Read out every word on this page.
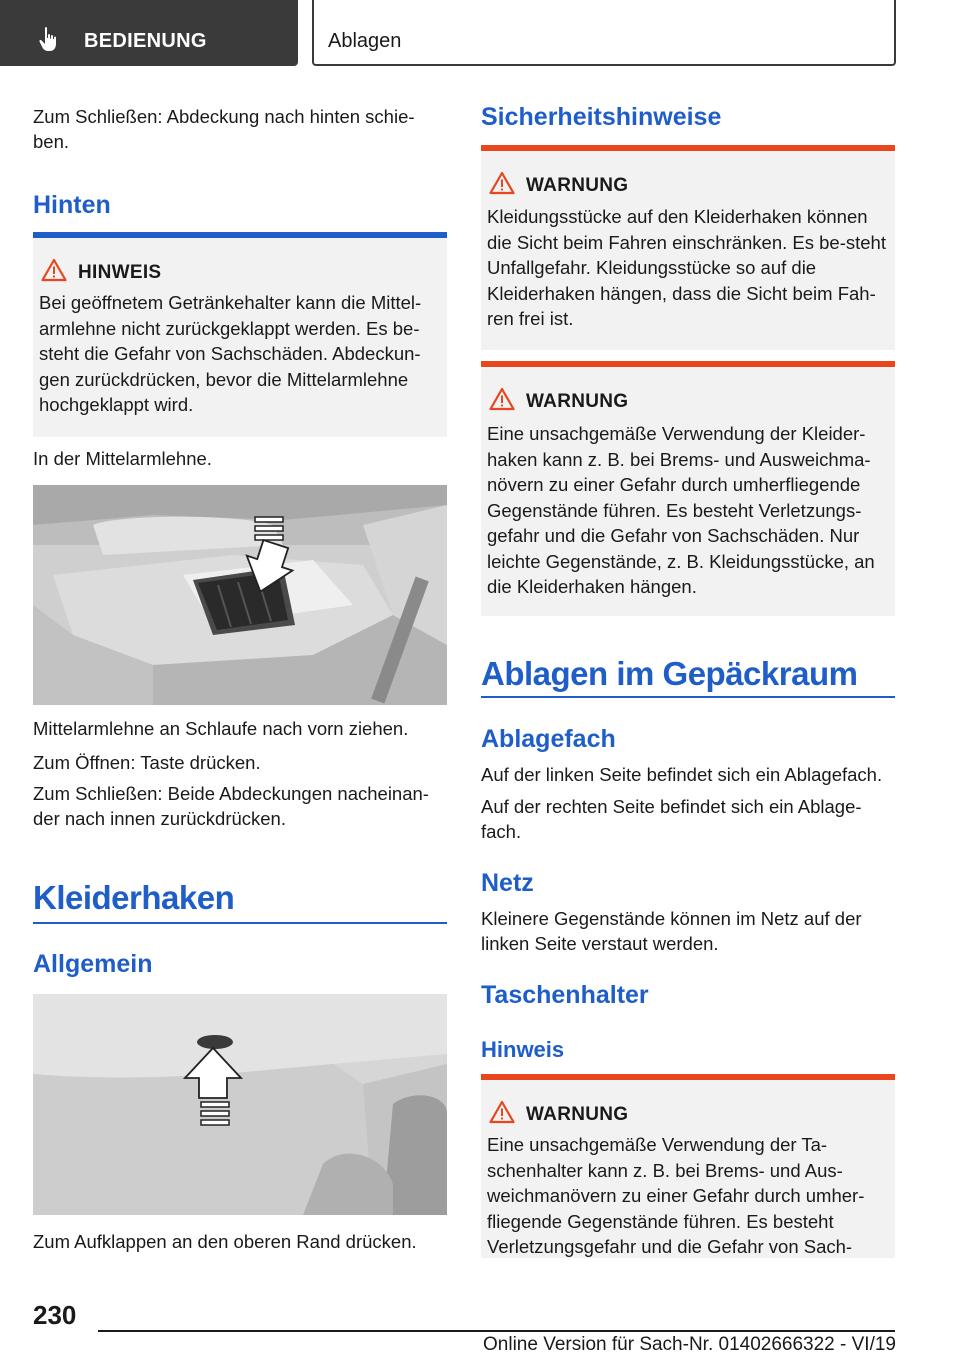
BEDIENUNG	Ablagen

Zum Schließen: Abdeckung nach hinten schie-ben.

Hinten
HINWEIS
Bei geöffnetem Getränkehalter kann die Mittel-armlehne nicht zurückgeklappt werden. Es be-steht die Gefahr von Sachschäden. Abdeckun-gen zurückdrücken, bevor die Mittelarmlehne hochgeklappt wird.

In der Mittelarmlehne.

Mittelarmlehne an Schlaufe nach vorn ziehen.

Zum Öffnen: Taste drücken.

Zum Schließen: Beide Abdeckungen nacheinan-der nach innen zurückdrücken.

Kleiderhaken
Allgemein

Zum Aufklappen an den oberen Rand drücken.

Sicherheitshinweise
WARNUNG
Kleidungsstücke auf den Kleiderhaken können die Sicht beim Fahren einschränken. Es be-steht Unfallgefahr. Kleidungsstücke so auf die Kleiderhaken hängen, dass die Sicht beim Fah-ren frei ist.
WARNUNG
Eine unsachgemäße Verwendung der Kleider-haken kann z. B. bei Brems- und Ausweichma-növern zu einer Gefahr durch umherfliegende Gegenstände führen. Es besteht Verletzungs-gefahr und die Gefahr von Sachschäden. Nur leichte Gegenstände, z. B. Kleidungsstücke, an die Kleiderhaken hängen.
Ablagen im Gepäckraum
Ablagefach

Auf der linken Seite befindet sich ein Ablagefach.

Auf der rechten Seite befindet sich ein Ablage-fach.

Netz

Kleinere Gegenstände können im Netz auf der linken Seite verstaut werden.

Taschenhalter
Hinweis
WARNUNG
Eine unsachgemäße Verwendung der Ta-schenhalter kann z. B. bei Brems- und Aus-weichmanövern zu einer Gefahr durch umher-fliegende Gegenstände führen. Es besteht Verletzungsgefahr und die Gefahr von Sach-
230
Online Version für Sach-Nr. 01402666322 - VI/19
